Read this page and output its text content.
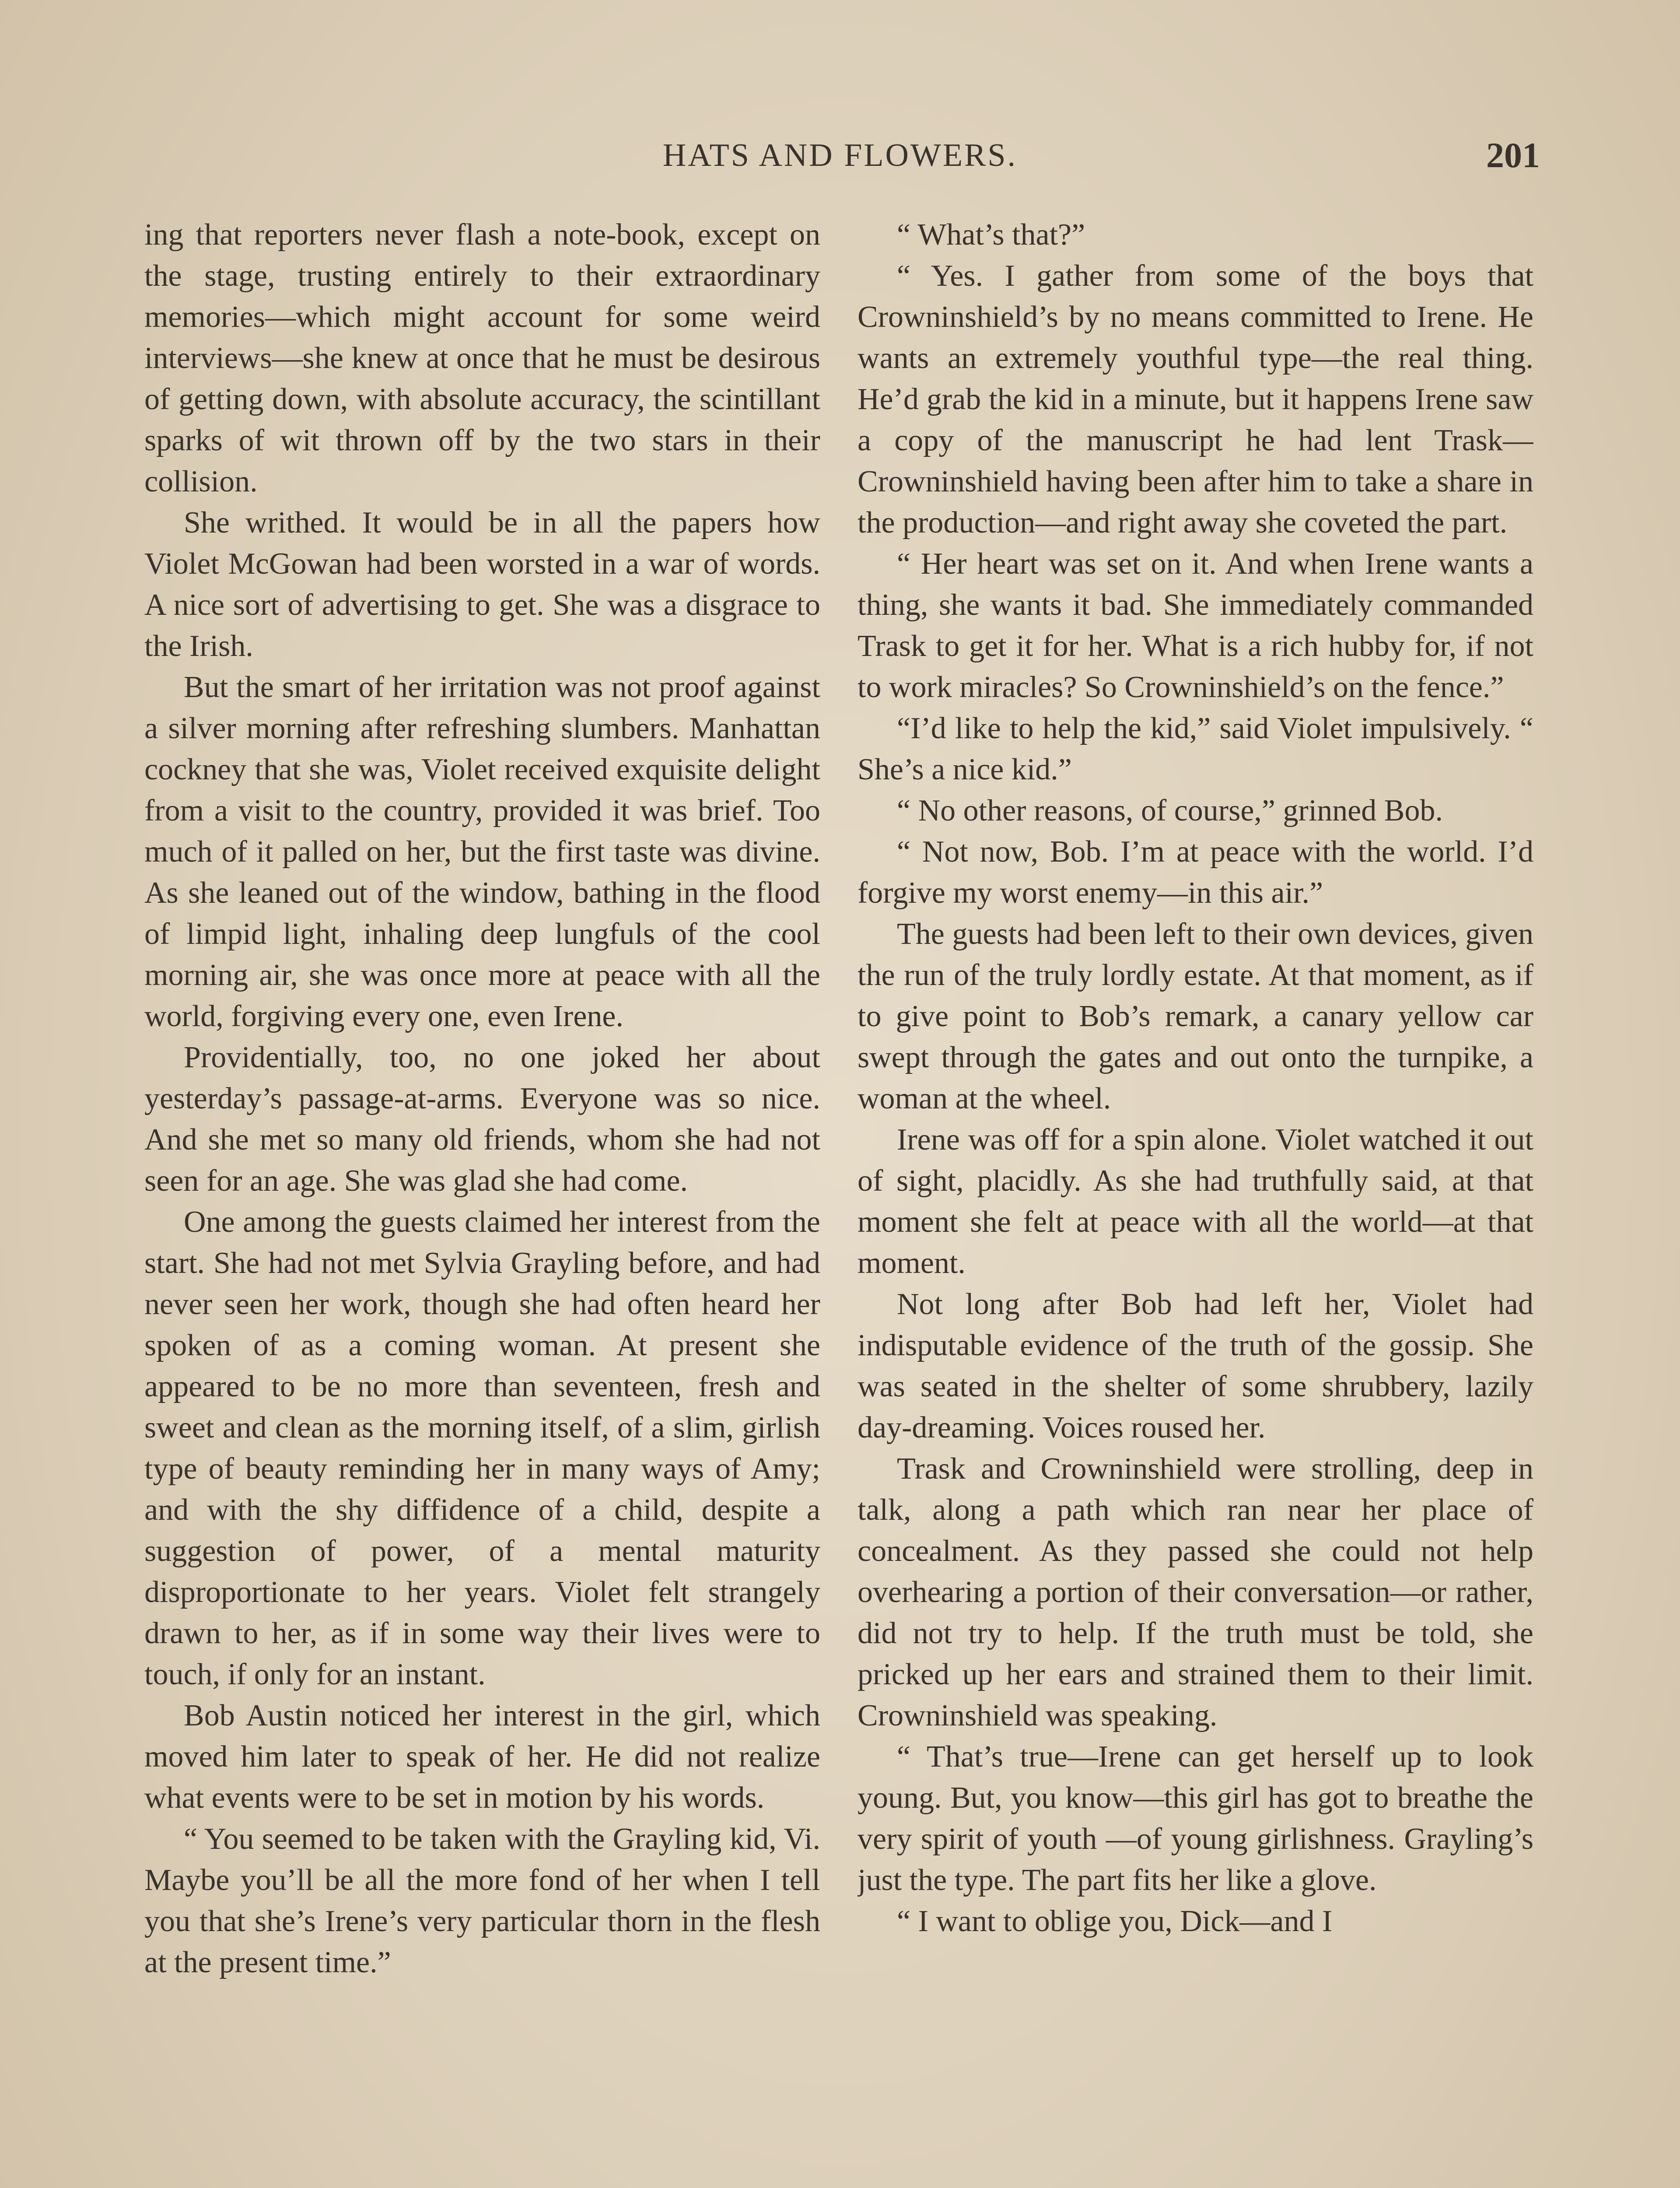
HATS AND FLOWERS.	201

ing that reporters never flash a note-book, except on the stage, trusting entirely to their extraordinary memories—which might account for some weird interviews—she knew at once that he must be desirous of getting down, with absolute accuracy, the scintillant sparks of wit thrown off by the two stars in their collision.

She writhed. It would be in all the papers how Violet McGowan had been worsted in a war of words. A nice sort of advertising to get. She was a disgrace to the Irish.

But the smart of her irritation was not proof against a silver morning after refreshing slumbers. Manhattan cockney that she was, Violet received exquisite delight from a visit to the country, provided it was brief. Too much of it palled on her, but the first taste was divine. As she leaned out of the window, bathing in the flood of limpid light, inhaling deep lungfuls of the cool morning air, she was once more at peace with all the world, forgiving every one, even Irene.

Providentially, too, no one joked her about yesterday’s passage-at-arms. Everyone was so nice. And she met so many old friends, whom she had not seen for an age. She was glad she had come.

One among the guests claimed her interest from the start. She had not met Sylvia Grayling before, and had never seen her work, though she had often heard her spoken of as a coming woman. At present she appeared to be no more than seventeen, fresh and sweet and clean as the morning itself, of a slim, girlish type of beauty reminding her in many ways of Amy; and with the shy diffidence of a child, despite a suggestion of power, of a mental maturity disproportionate to her years. Violet felt strangely drawn to her, as if in some way their lives were to touch, if only for an instant.

Bob Austin noticed her interest in the girl, which moved him later to speak of her. He did not realize what events were to be set in motion by his words.

“ You seemed to be taken with the Grayling kid, Vi. Maybe you’ll be all the more fond of her when I tell you that she’s Irene’s very particular thorn in the flesh at the present time.”

“ What’s that?”

“ Yes. I gather from some of the boys that Crowninshield’s by no means committed to Irene. He wants an extremely youthful type—the real thing. He’d grab the kid in a minute, but it happens Irene saw a copy of the manuscript he had lent Trask—Crowninshield having been after him to take a share in the production—and right away she coveted the part.

“ Her heart was set on it. And when Irene wants a thing, she wants it bad. She immediately commanded Trask to get it for her. What is a rich hubby for, if not to work miracles? So Crowninshield’s on the fence.”

“I’d like to help the kid,” said Violet impulsively. “ She’s a nice kid.”

“ No other reasons, of course,” grinned Bob.

“ Not now, Bob. I’m at peace with the world. I’d forgive my worst enemy—in this air.”

The guests had been left to their own devices, given the run of the truly lordly estate. At that moment, as if to give point to Bob’s remark, a canary yellow car swept through the gates and out onto the turnpike, a woman at the wheel.

Irene was off for a spin alone. Violet watched it out of sight, placidly. As she had truthfully said, at that moment she felt at peace with all the world—at that moment.

Not long after Bob had left her, Violet had indisputable evidence of the truth of the gossip. She was seated in the shelter of some shrubbery, lazily day-dreaming. Voices roused her.

Trask and Crowninshield were strolling, deep in talk, along a path which ran near her place of concealment. As they passed she could not help overhearing a portion of their conversation—or rather, did not try to help. If the truth must be told, she pricked up her ears and strained them to their limit. Crowninshield was speaking.

“ That’s true—Irene can get herself up to look young. But, you know—this girl has got to breathe the very spirit of youth —of young girlishness. Grayling’s just the type. The part fits her like a glove.

“ I want to oblige you, Dick—and I
